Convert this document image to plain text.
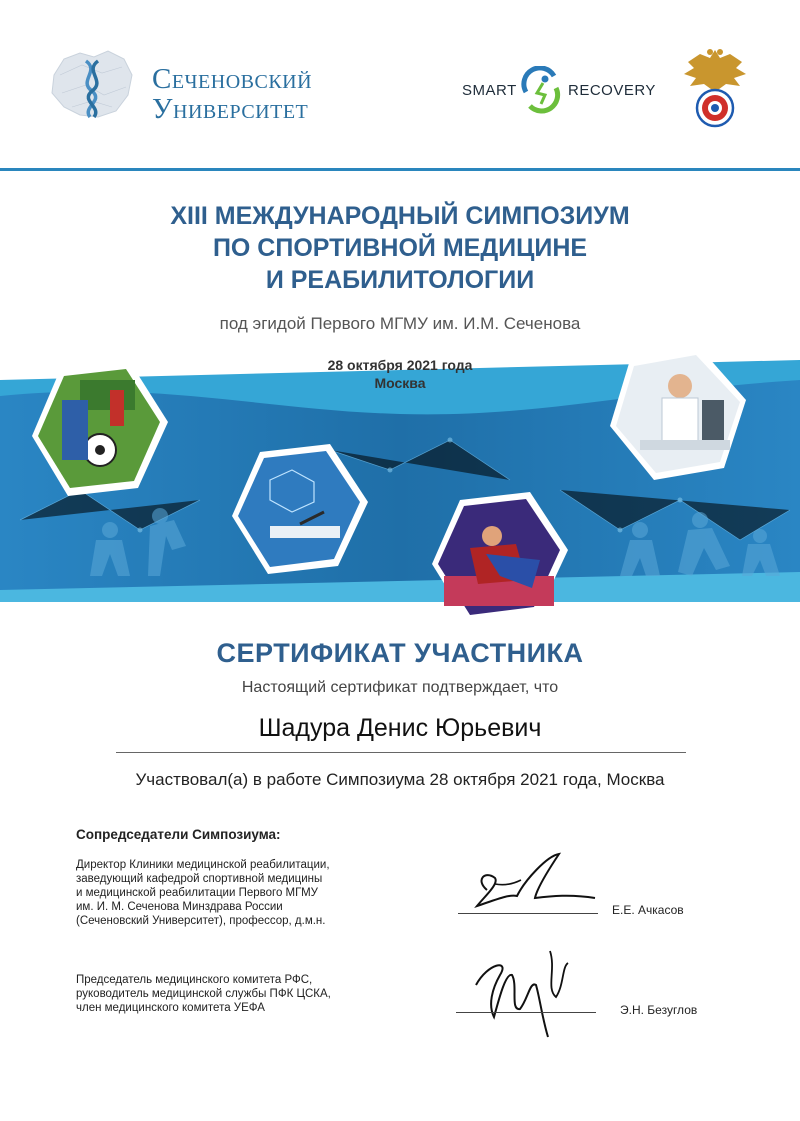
Сеченовский
Университет
SMART	RECOVERY
XIII МЕЖДУНАРОДНЫЙ СИМПОЗИУМ
ПО СПОРТИВНОЙ МЕДИЦИНЕ
И РЕАБИЛИТОЛОГИИ
под эгидой Первого МГМУ им. И.М. Сеченова
28 октября 2021 года
Москва
СЕРТИФИКАТ УЧАСТНИКА
Настоящий сертификат подтверждает, что
Шадура Денис Юрьевич
Участвовал(а) в работе Симпозиума 28 октября 2021 года, Москва
Сопредседатели Симпозиума:
Директор Клиники медицинской реабилитации,
заведующий кафедрой спортивной медицины
и медицинской реабилитации Первого МГМУ
им. И. М. Сеченова Минздрава России
(Сеченовский Университет), профессор, д.м.н.
Е.Е. Ачкасов
Председатель медицинского комитета РФС,
руководитель медицинской службы ПФК ЦСКА,
член медицинского комитета УЕФА	Э.Н. Безуглов
